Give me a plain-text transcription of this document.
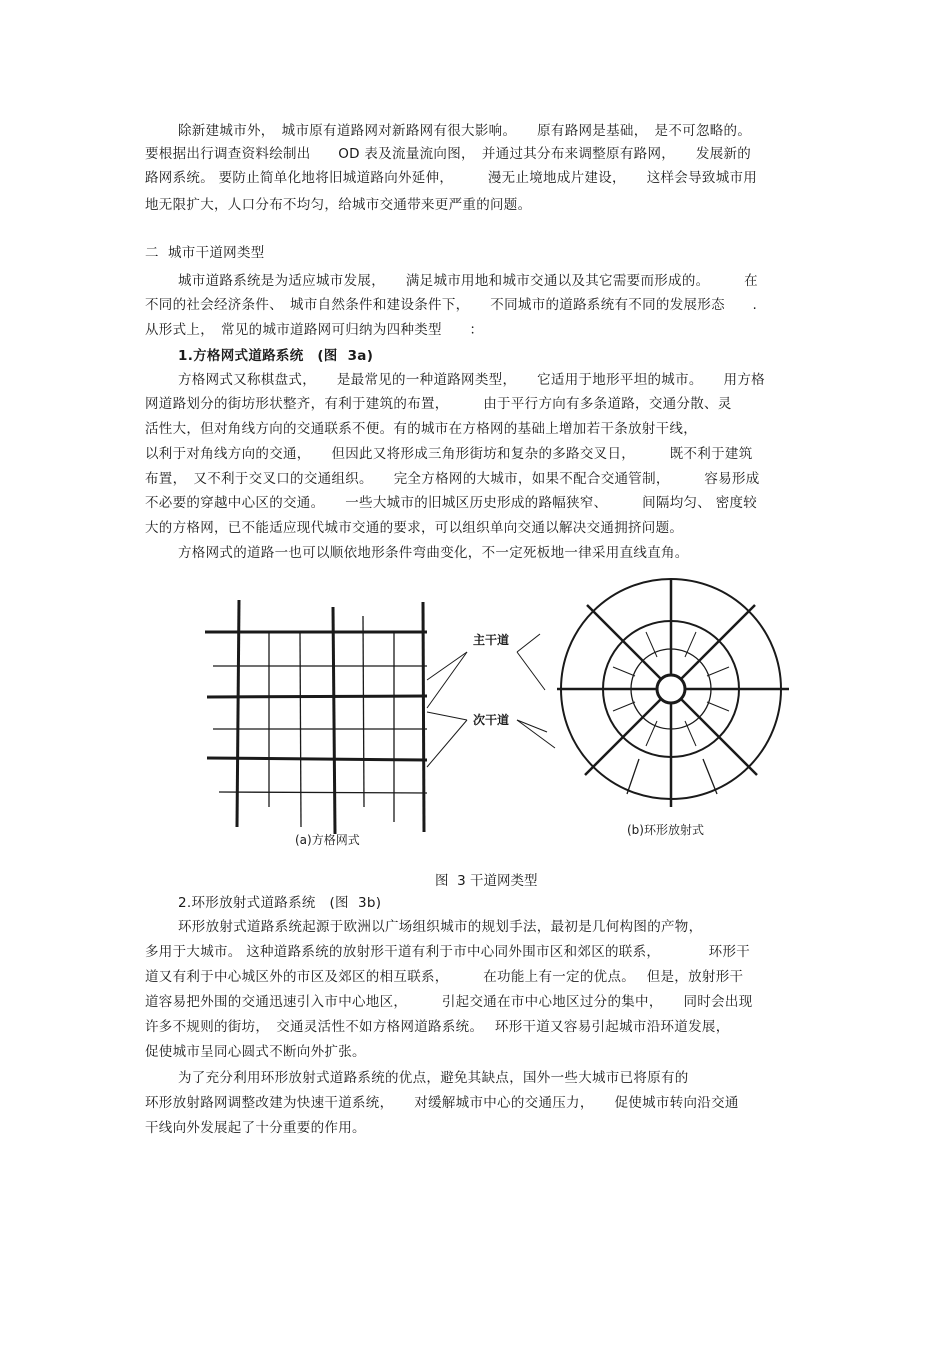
除新建城市外，　城市原有道路网对新路网有很大影响。　　原有路网是基础，　是不可忽略的。
要根据出行调查资料绘制出　　OD 表及流量流向图，　并通过其分布来调整原有路网，　　发展新的
路网系统。 要防止简单化地将旧城道路向外延伸，　　　漫无止境地成片建设，　　这样会导致城市用
地无限扩大，人口分布不均匀，给城市交通带来更严重的问题。
二  城市干道网类型
城市道路系统是为适应城市发展，　　满足城市用地和城市交通以及其它需要而形成的。　　　在
不同的社会经济条件、　城市自然条件和建设条件下，　　不同城市的道路系统有不同的发展形态　　.
从形式上，　常见的城市道路网可归纳为四种类型　　：
1.方格网式道路系统　(图  3a)
方格网式又称棋盘式，　　是最常见的一种道路网类型，　　它适用于地形平坦的城市。　　用方格
网道路划分的街坊形状整齐，有利于建筑的布置，　　　由于平行方向有多条道路，交通分散、灵
活性大，但对角线方向的交通联系不便。有的城市在方格网的基础上增加若干条放射干线，
以利于对角线方向的交通，　　但因此又将形成三角形街坊和复杂的多路交叉日，　　　既不利于建筑
布置，　又不利于交叉口的交通组织。　　完全方格网的大城市，如果不配合交通管制，　　　容易形成
不必要的穿越中心区的交通。　　一些大城市的旧城区历史形成的路幅狭窄、　　　间隔均匀、 密度较
大的方格网，已不能适应现代城市交通的要求，可以组织单向交通以解决交通拥挤问题。
方格网式的道路一也可以顺依地形条件弯曲变化，不一定死板地一律采用直线直角。
主干道
次干道
(a)方格网式
(b)环形放射式
图  3 干道网类型
2.环形放射式道路系统　(图  3b)
环形放射式道路系统起源于欧洲以广场组织城市的规划手法，最初是几何构图的产物，
多用于大城市。 这种道路系统的放射形干道有利于市中心同外围市区和郊区的联系，　　　　环形干
道又有利于中心城区外的市区及郊区的相互联系，　　　在功能上有一定的优点。　 但是，放射形干
道容易把外围的交通迅速引入市中心地区，　　　引起交通在市中心地区过分的集中，　　同时会出现
许多不规则的街坊，　交通灵活性不如方格网道路系统。　 环形干道又容易引起城市沿环道发展，
促使城市呈同心圆式不断向外扩张。
为了充分利用环形放射式道路系统的优点，避免其缺点，国外一些大城市已将原有的
环形放射路网调整改建为快速干道系统，　　对缓解城市中心的交通压力，　　促使城市转向沿交通
干线向外发展起了十分重要的作用。
